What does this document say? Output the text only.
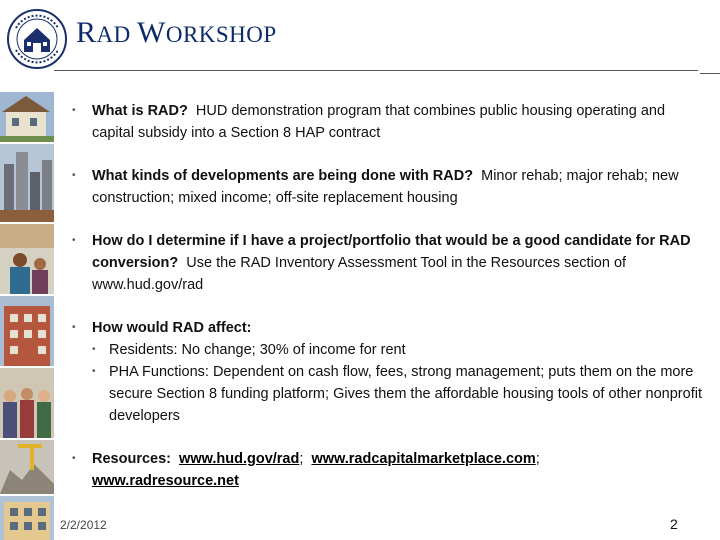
RAD WORKSHOP
• What is RAD? HUD demonstration program that combines public housing operating and capital subsidy into a Section 8 HAP contract
• What kinds of developments are being done with RAD? Minor rehab; major rehab; new construction; mixed income; off-site replacement housing
• How do I determine if I have a project/portfolio that would be a good candidate for RAD conversion? Use the RAD Inventory Assessment Tool in the Resources section of www.hud.gov/rad
• How would RAD affect:
• Residents: No change; 30% of income for rent
• PHA Functions: Dependent on cash flow, fees, strong management; puts them on the more secure Section 8 funding platform; Gives them the affordable housing tools of other nonprofit developers
• Resources: www.hud.gov/rad;  www.radcapitalmarketplace.com;
www.radresource.net
2/2/2012	2
